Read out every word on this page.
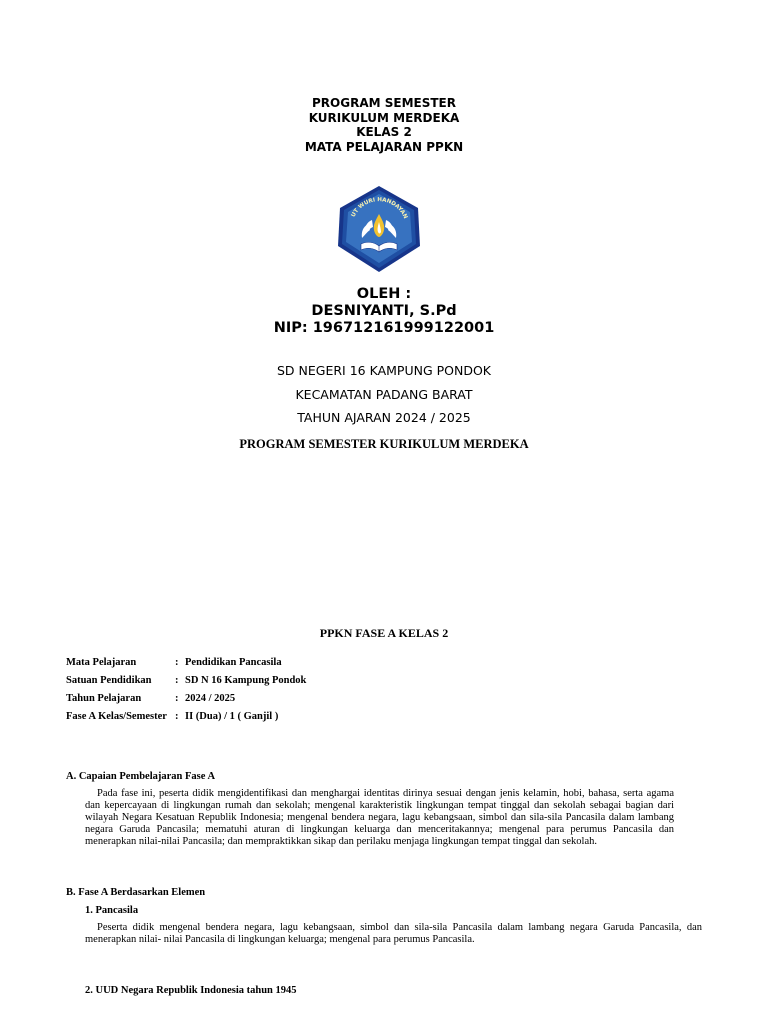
PROGRAM SEMESTER
KURIKULUM MERDEKA
KELAS 2
MATA PELAJARAN PPKN
UT WURI HANDAYAN
OLEH :
DESNIYANTI, S.Pd
NIP: 196712161999122001
SD NEGERI 16 KAMPUNG PONDOK
KECAMATAN PADANG BARAT
TAHUN AJARAN 2024 / 2025
PROGRAM SEMESTER KURIKULUM MERDEKA
PPKN FASE A KELAS 2
Mata Pelajaran	:	Pendidikan Pancasila
Satuan Pendidikan	:	SD N 16 Kampung Pondok
Tahun Pelajaran	:	2024 / 2025
Fase A Kelas/Semester	:	II (Dua) / 1 ( Ganjil )
A. Capaian Pembelajaran Fase A

Pada fase ini, peserta didik mengidentifikasi dan menghargai identitas dirinya sesuai dengan jenis kelamin, hobi, bahasa, serta agama dan kepercayaan di lingkungan rumah dan sekolah; mengenal karakteristik lingkungan tempat tinggal dan sekolah sebagai bagian dari wilayah Negara Kesatuan Republik Indonesia; mengenal bendera negara, lagu kebangsaan, simbol dan sila-sila Pancasila dalam lambang negara Garuda Pancasila; mematuhi aturan di lingkungan keluarga dan menceritakannya; mengenal para perumus Pancasila dan menerapkan nilai-nilai Pancasila; dan mempraktikkan sikap dan perilaku menjaga lingkungan tempat tinggal dan sekolah.

B. Fase A Berdasarkan Elemen
1. Pancasila

Peserta didik mengenal bendera negara, lagu kebangsaan, simbol dan sila-sila Pancasila dalam lambang negara Garuda Pancasila, dan menerapkan nilai- nilai Pancasila di lingkungan keluarga; mengenal para perumus Pancasila.

2. UUD Negara Republik Indonesia tahun 1945
